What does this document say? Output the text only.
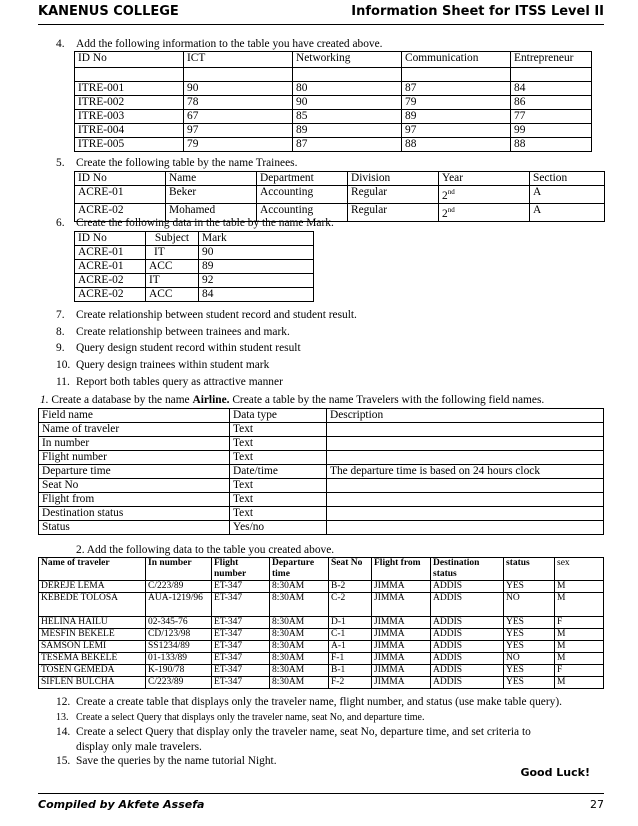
KANENUS COLLEGE	Information Sheet for ITSS Level II
4. Add the following information to the table you have created above.
ID No	ICT	Networking	Communication	Entrepreneur

ITRE-001	90	80	87	84
ITRE-002	78	90	79	86
ITRE-003	67	85	89	77
ITRE-004	97	89	97	99
ITRE-005	79	87	88	88
5. Create the following table by the name Trainees.
ID No	Name	Department	Division	Year	Section
ACRE-01	Beker	Accounting	Regular	2nd	A
ACRE-02	Mohamed	Accounting	Regular	2nd	A
6. Create the following data in the table by the name Mark.
ID No	Subject	Mark
ACRE-01	IT	90
ACRE-01	ACC	89
ACRE-02	IT	92
ACRE-02	ACC	84
7. Create relationship between student record and student result.
8. Create relationship between trainees and mark.
9. Query design student record within student result
10. Query design trainees within student mark
11. Report both tables query as attractive manner
1. Create a database by the name Airline. Create a table by the name Travelers with the following field names.
Field name	Data type	Description
Name of traveler	Text	
In number	Text	
Flight number	Text	
Departure time	Date/time	The departure time is based on 24 hours clock
Seat No	Text	
Flight from	Text	
Destination status	Text	
Status	Yes/no	
2. Add the following data to the table you created above.
Name of traveler	In number	Flight number	Departure time	Seat No	Flight from	Destination status	status	sex
DEREJE LEMA	C/223/89	ET-347	8:30AM	B-2	JIMMA	ADDIS	YES	M
KEBEDE TOLOSA	AUA-1219/96	ET-347	8:30AM	C-2	JIMMA	ADDIS	NO	M
HELINA HAILU	02-345-76	ET-347	8:30AM	D-1	JIMMA	ADDIS	YES	F
MESFIN BEKELE	CD/123/98	ET-347	8:30AM	C-1	JIMMA	ADDIS	YES	M
SAMSON LEMI	SS1234/89	ET-347	8:30AM	A-1	JIMMA	ADDIS	YES	M
TESEMA BEKELE	01-133/89	ET-347	8:30AM	F-1	JIMMA	ADDIS	NO	M
TOSEN GEMEDA	K-190/78	ET-347	8:30AM	B-1	JIMMA	ADDIS	YES	F
SIFLEN BULCHA	C/223/89	ET-347	8:30AM	F-2	JIMMA	ADDIS	YES	M
12. Create a create table that displays only the traveler name, flight number, and status (use make table query).
13. Create a select Query that displays only the traveler name, seat No, and departure time.
14. Create a select Query that display only the traveler name, seat No, departure time, and set criteria to
display only male travelers.
15. Save the queries by the name tutorial Night.
Good Luck!
Compiled by Akfete Assefa	27
